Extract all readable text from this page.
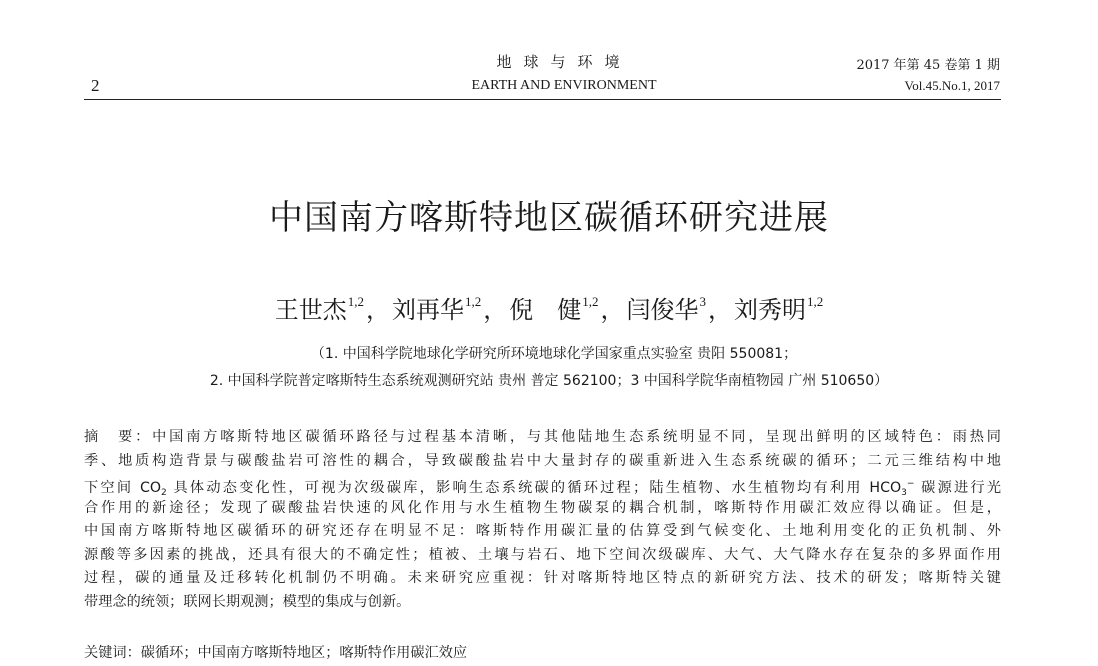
2
地球与环境
EARTH AND ENVIRONMENT
2017 年第 45 卷第 1 期
Vol.45.No.1, 2017
中国南方喀斯特地区碳循环研究进展
王世杰$^{1,2}$，刘再华$^{1,2}$，倪　健$^{1,2}$，闫俊华$^3$，刘秀明$^{1,2}$
（1. 中国科学院地球化学研究所环境地球化学国家重点实验室 贵阳 550081；
2. 中国科学院普定喀斯特生态系统观测研究站 贵州 普定 562100；3 中国科学院华南植物园 广州 510650）
摘　要：中国南方喀斯特地区碳循环路径与过程基本清晰，与其他陆地生态系统明显不同，呈现出鲜明的区域特色：雨热同
季、地质构造背景与碳酸盐岩可溶性的耦合，导致碳酸盐岩中大量封存的碳重新进入生态系统碳的循环；二元三维结构中地
下空间 $CO_2$ 具体动态变化性，可视为次级碳库，影响生态系统碳的循环过程；陆生植物、水生植物均有利用 $HCO_3^-$ 碳源进行光
合作用的新途径；发现了碳酸盐岩快速的风化作用与水生植物生物碳泵的耦合机制，喀斯特作用碳汇效应得以确证。但是，
中国南方喀斯特地区碳循环的研究还存在明显不足：喀斯特作用碳汇量的估算受到气候变化、土地利用变化的正负机制、外
源酸等多因素的挑战，还具有很大的不确定性；植被、土壤与岩石、地下空间次级碳库、大气、大气降水存在复杂的多界面作用
过程，碳的通量及迁移转化机制仍不明确。未来研究应重视：针对喀斯特地区特点的新研究方法、技术的研发；喀斯特关键
带理念的统领；联网长期观测；模型的集成与创新。
关键词：碳循环；中国南方喀斯特地区；喀斯特作用碳汇效应
